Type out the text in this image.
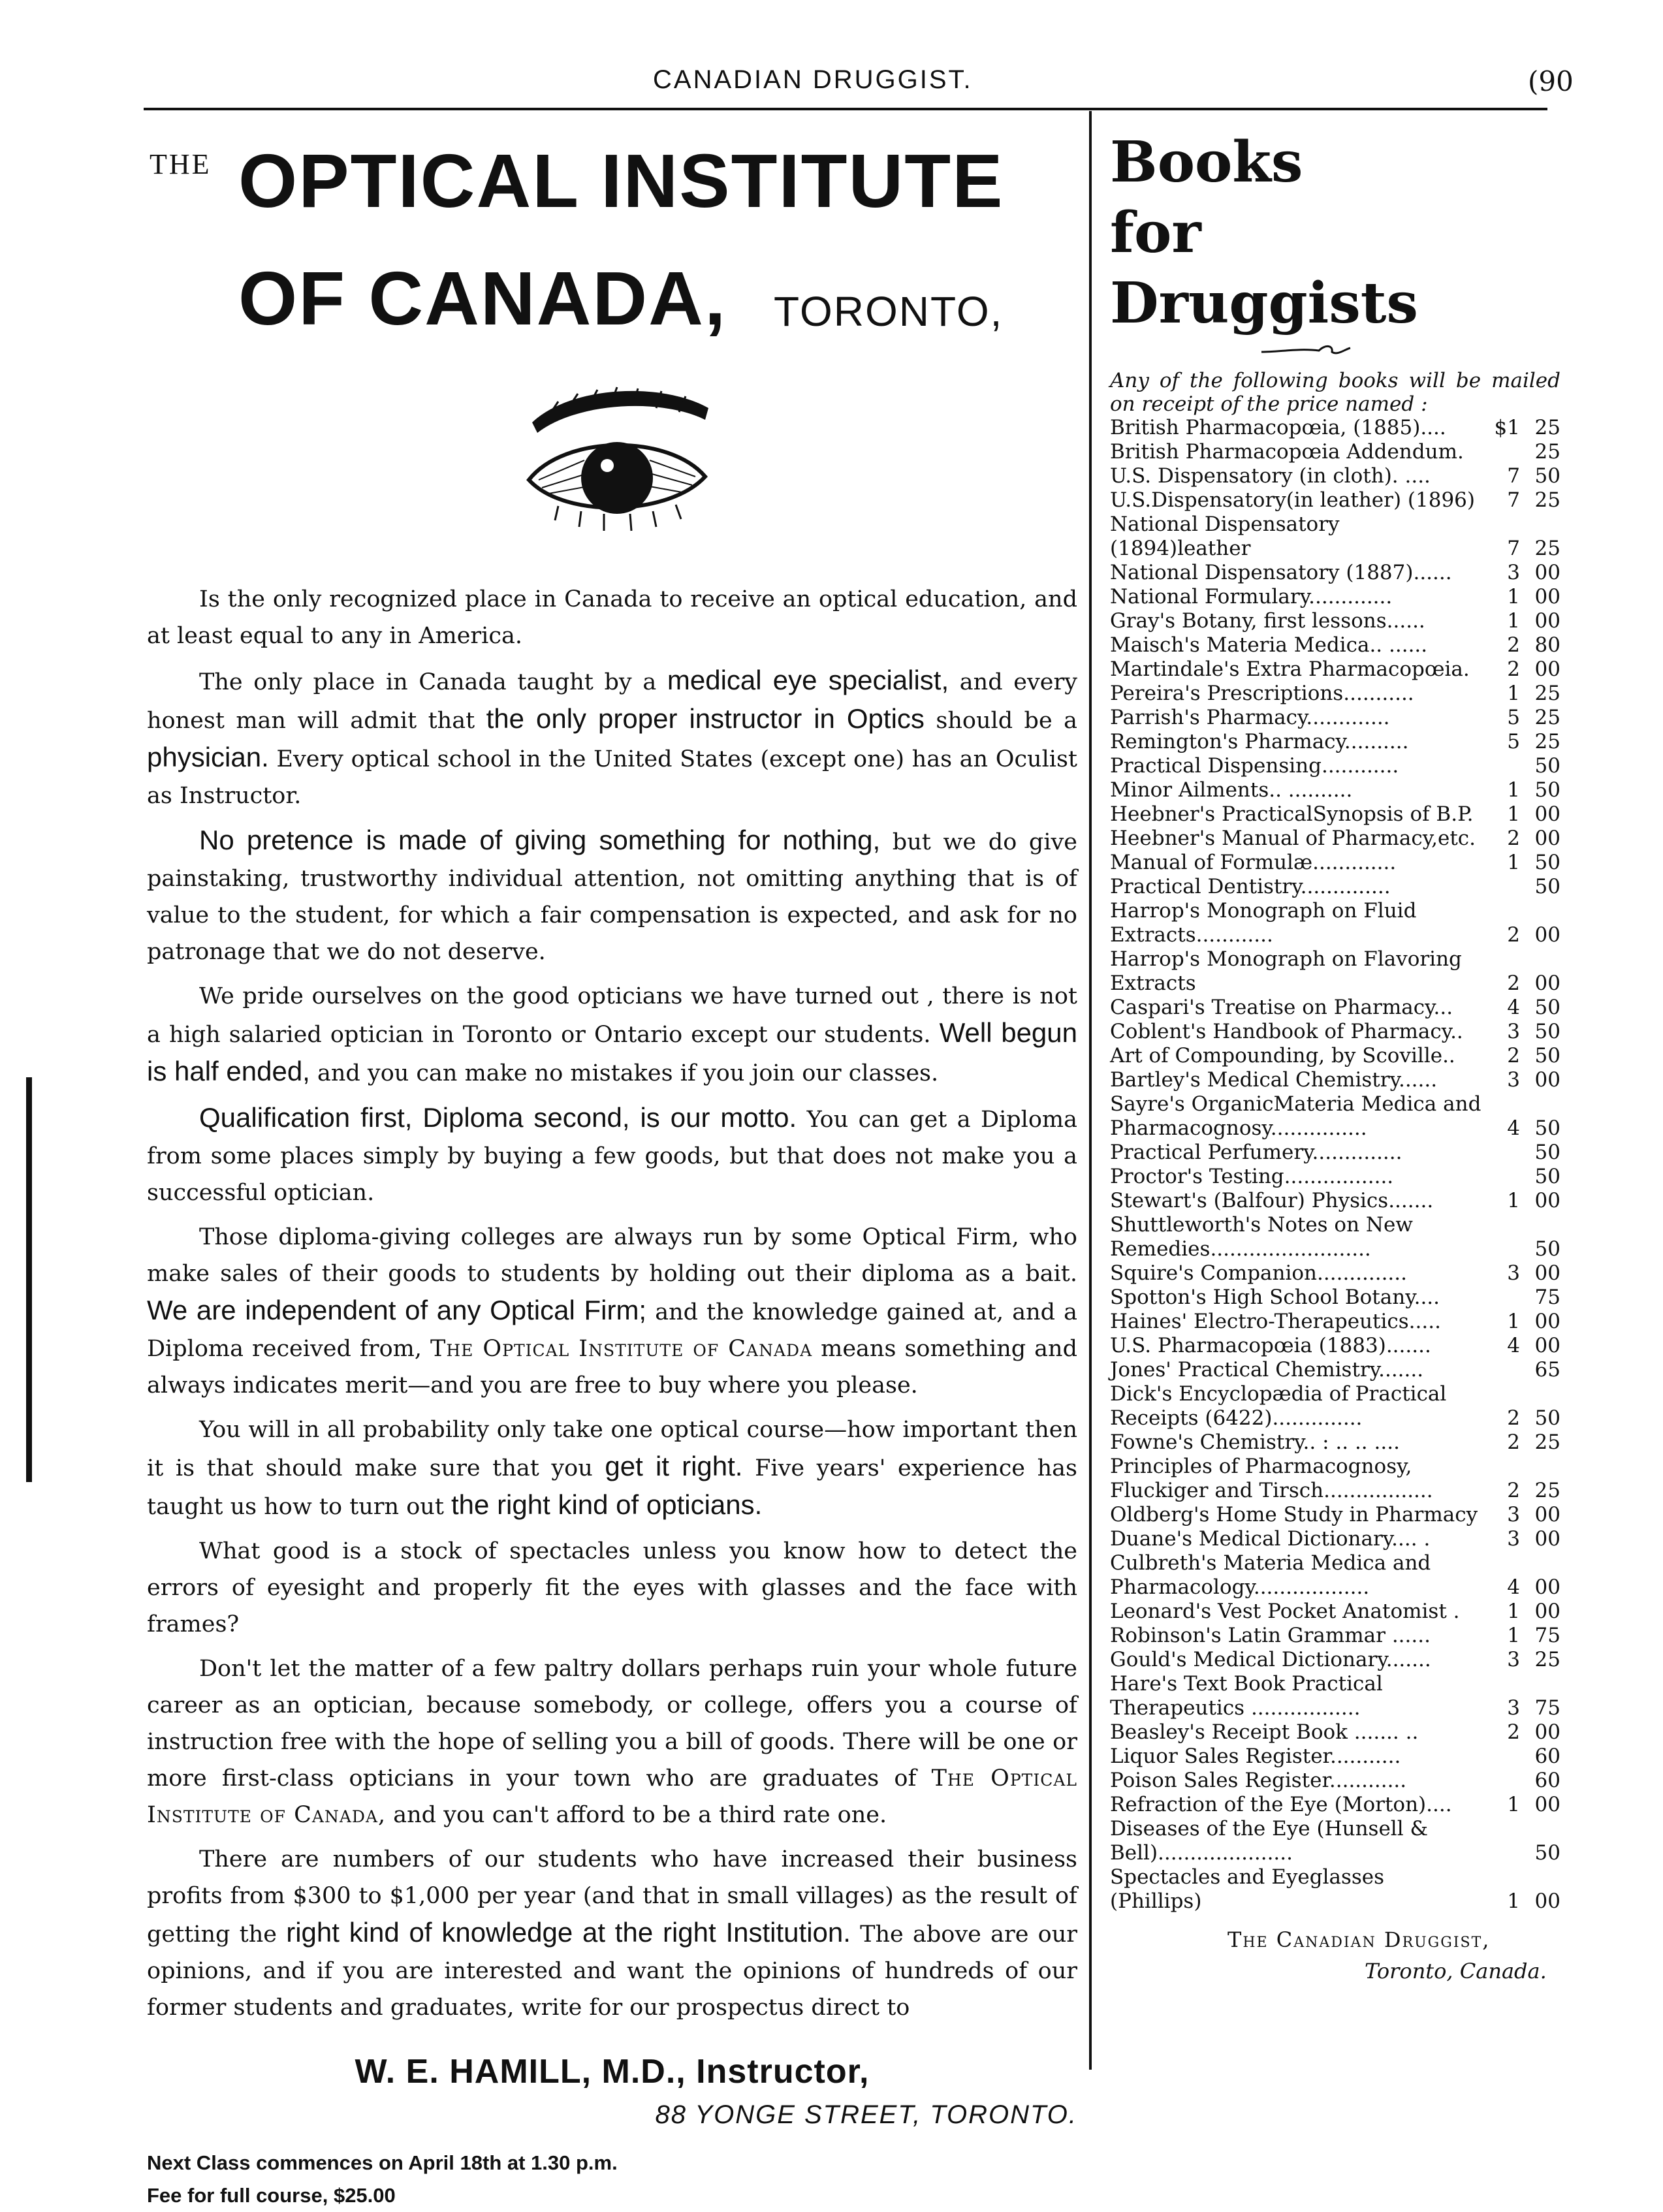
CANADIAN DRUGGIST.	(90
THE OPTICAL INSTITUTE
OF CANADA, TORONTO,

Is the only recognized place in Canada to receive an optical education, and at least equal to any in America.

The only place in Canada taught by a medical eye specialist, and every honest man will admit that the only proper instructor in Optics should be a physician. Every optical school in the United States (except one) has an Oculist as Instructor.

No pretence is made of giving something for nothing, but we do give painstaking, trustworthy individual attention, not omitting anything that is of value to the student, for which a fair compensation is expected, and ask for no patronage that we do not deserve.

We pride ourselves on the good opticians we have turned out , there is not a high salaried optician in Toronto or Ontario except our students. Well begun is half ended, and you can make no mistakes if you join our classes.

Qualification first, Diploma second, is our motto. You can get a Diploma from some places simply by buying a few goods, but that does not make you a successful optician.

Those diploma-giving colleges are always run by some Optical Firm, who make sales of their goods to students by holding out their diploma as a bait. We are independent of any Optical Firm; and the knowledge gained at, and a Diploma received from, The Optical Institute of Canada means something and always indicates merit—and you are free to buy where you please.

You will in all probability only take one optical course—how important then it is that should make sure that you get it right. Five years' experience has taught us how to turn out the right kind of opticians.

What good is a stock of spectacles unless you know how to detect the errors of eyesight and properly fit the eyes with glasses and the face with frames?

Don't let the matter of a few paltry dollars perhaps ruin your whole future career as an optician, because somebody, or college, offers you a course of instruction free with the hope of selling you a bill of goods. There will be one or more first-class opticians in your town who are graduates of The Optical Institute of Canada, and you can't afford to be a third rate one.

There are numbers of our students who have increased their business profits from $300 to $1,000 per year (and that in small villages) as the result of getting the right kind of knowledge at the right Institution. The above are our opinions, and if you are interested and want the opinions of hundreds of our former students and graduates, write for our prospectus direct to

W. E. HAMILL, M.D., Instructor,
88 YONGE STREET, TORONTO.
Next Class commences on April 18th at 1.30 p.m.
Fee for full course, $25.00
Books
for
Druggists
Any of the following books will be mailed on receipt of the price named :
British Pharmacopœia, (1885)....	$1 25
British Pharmacopœia Addendum.	25
U.S. Dispensatory (in cloth). ....	7 50
U.S.Dispensatory(in leather) (1896)	7 25
National Dispensatory (1894)leather	7 25
National Dispensatory (1887)......	3 00
National Formulary.............	1 00
Gray's Botany, first lessons......	1 00
Maisch's Materia Medica.. ......	2 80
Martindale's Extra Pharmacopœia.	2 00
Pereira's Prescriptions...........	1 25
Parrish's Pharmacy.............	5 25
Remington's Pharmacy..........	5 25
Practical Dispensing............	50
Minor Ailments.. ..........	1 50
Heebner's PracticalSynopsis of B.P.	1 00
Heebner's Manual of Pharmacy,etc.	2 00
Manual of Formulæ.............	1 50
Practical Dentistry..............	50
Harrop's Monograph on Fluid Extracts............	2 00
Harrop's Monograph on Flavoring Extracts	2 00
Caspari's Treatise on Pharmacy...	4 50
Coblent's Handbook of Pharmacy..	3 50
Art of Compounding, by Scoville..	2 50
Bartley's Medical Chemistry......	3 00
Sayre's OrganicMateria Medica and Pharmacognosy...............	4 50
Practical Perfumery..............	50
Proctor's Testing.................	50
Stewart's (Balfour) Physics.......	1 00
Shuttleworth's Notes on New Remedies.........................	50
Squire's Companion..............	3 00
Spotton's High School Botany....	75
Haines' Electro-Therapeutics.....	1 00
U.S. Pharmacopœia (1883).......	4 00
Jones' Practical Chemistry.......	65
Dick's Encyclopædia of Practical Receipts (6422)..............	2 50
Fowne's Chemistry.. : .. .. ....	2 25
Principles of Pharmacognosy, Fluckiger and Tirsch.................	2 25
Oldberg's Home Study in Pharmacy	3 00
Duane's Medical Dictionary.... .	3 00
Culbreth's Materia Medica and Pharmacology..................	4 00
Leonard's Vest Pocket Anatomist .	1 00
Robinson's Latin Grammar ......	1 75
Gould's Medical Dictionary.......	3 25
Hare's Text Book Practical Therapeutics .................	3 75
Beasley's Receipt Book ....... ..	2 00
Liquor Sales Register...........	60
Poison Sales Register............	60
Refraction of the Eye (Morton)....	1 00
Diseases of the Eye (Hunsell & Bell).....................	50
Spectacles and Eyeglasses (Phillips)	1 00
The Canadian Druggist,
Toronto, Canada.
